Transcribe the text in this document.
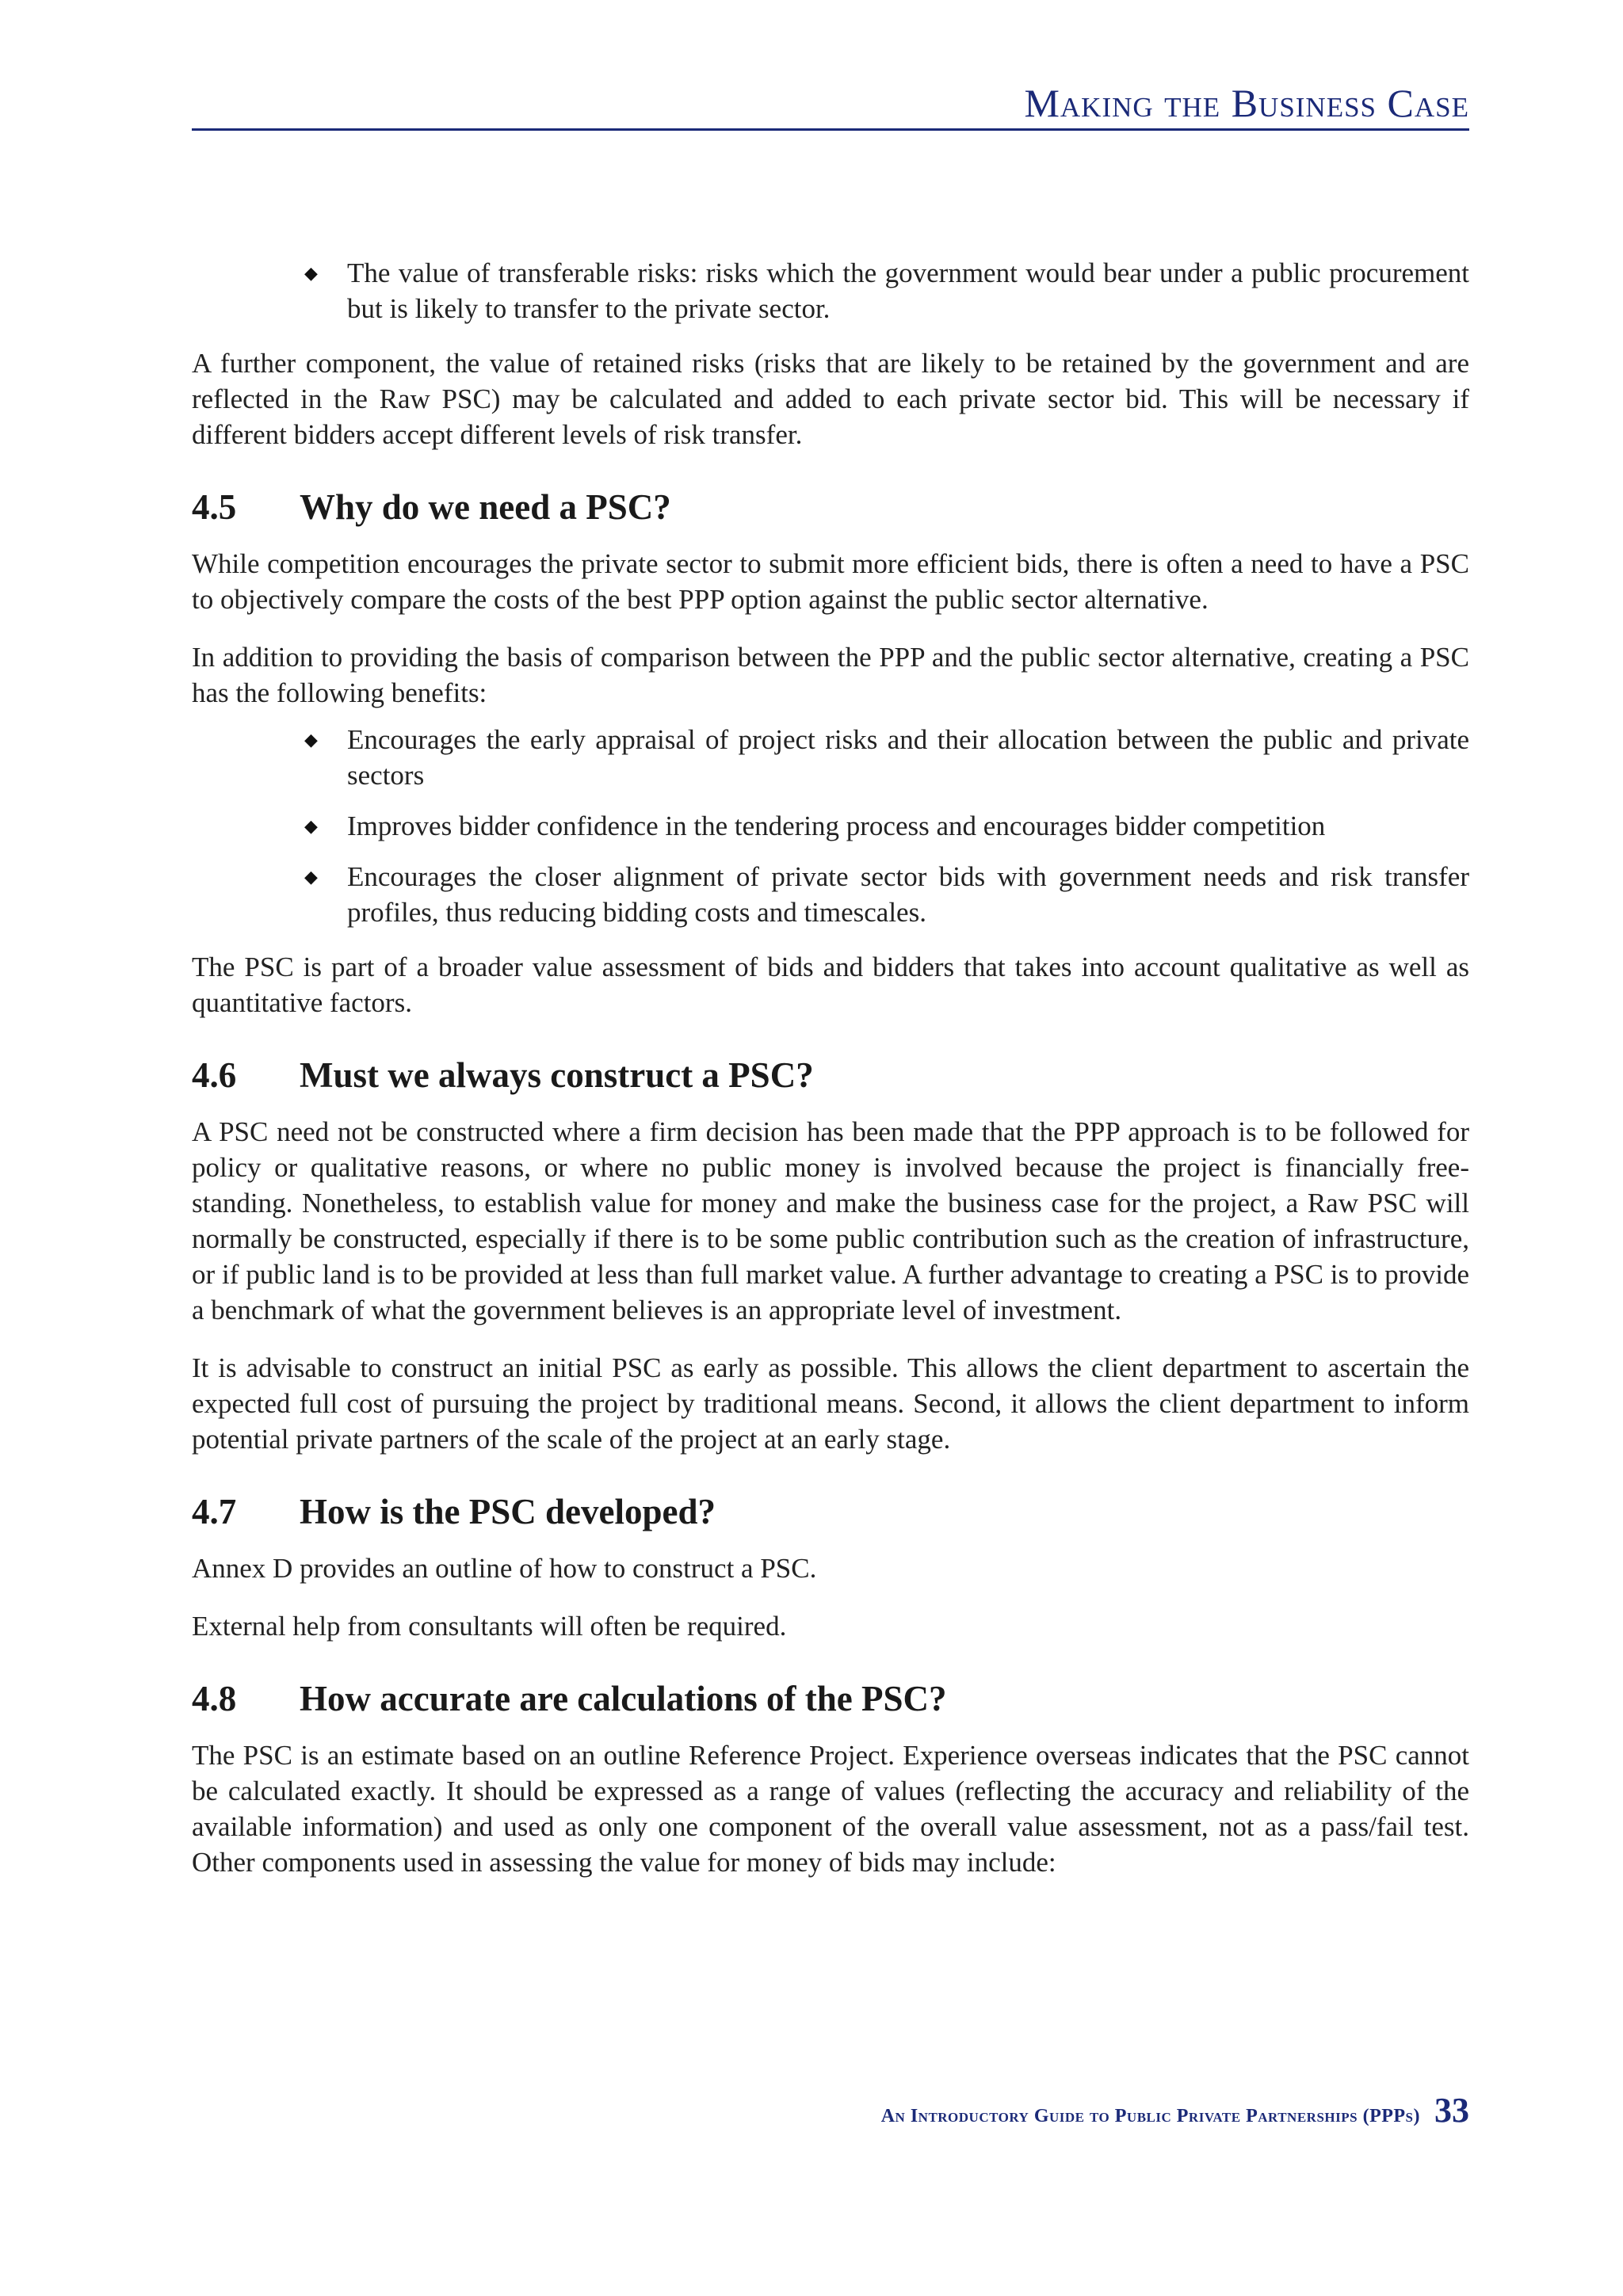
Making the Business Case
◆ The value of transferable risks: risks which the government would bear under a public procurement but is likely to transfer to the private sector.

A further component, the value of retained risks (risks that are likely to be retained by the government and are reflected in the Raw PSC) may be calculated and added to each private sector bid. This will be necessary if different bidders accept different levels of risk transfer.

4.5 Why do we need a PSC?

While competition encourages the private sector to submit more efficient bids, there is often a need to have a PSC to objectively compare the costs of the best PPP option against the public sector alternative.

In addition to providing the basis of comparison between the PPP and the public sector alternative, creating a PSC has the following benefits:

◆ Encourages the early appraisal of project risks and their allocation between the public and private sectors
◆ Improves bidder confidence in the tendering process and encourages bidder competition
◆ Encourages the closer alignment of private sector bids with government needs and risk transfer profiles, thus reducing bidding costs and timescales.

The PSC is part of a broader value assessment of bids and bidders that takes into account qualitative as well as quantitative factors.

4.6 Must we always construct a PSC?

A PSC need not be constructed where a firm decision has been made that the PPP approach is to be followed for policy or qualitative reasons, or where no public money is involved because the project is financially free-standing. Nonetheless, to establish value for money and make the business case for the project, a Raw PSC will normally be constructed, especially if there is to be some public contribution such as the creation of infrastructure, or if public land is to be provided at less than full market value. A further advantage to creating a PSC is to provide a benchmark of what the government believes is an appropriate level of investment.

It is advisable to construct an initial PSC as early as possible. This allows the client department to ascertain the expected full cost of pursuing the project by traditional means. Second, it allows the client department to inform potential private partners of the scale of the project at an early stage.

4.7 How is the PSC developed?

Annex D provides an outline of how to construct a PSC.

External help from consultants will often be required.

4.8 How accurate are calculations of the PSC?

The PSC is an estimate based on an outline Reference Project. Experience overseas indicates that the PSC cannot be calculated exactly. It should be expressed as a range of values (reflecting the accuracy and reliability of the available information) and used as only one component of the overall value assessment, not as a pass/fail test. Other components used in assessing the value for money of bids may include:

An Introductory Guide to Public Private Partnerships (PPPs) 33
